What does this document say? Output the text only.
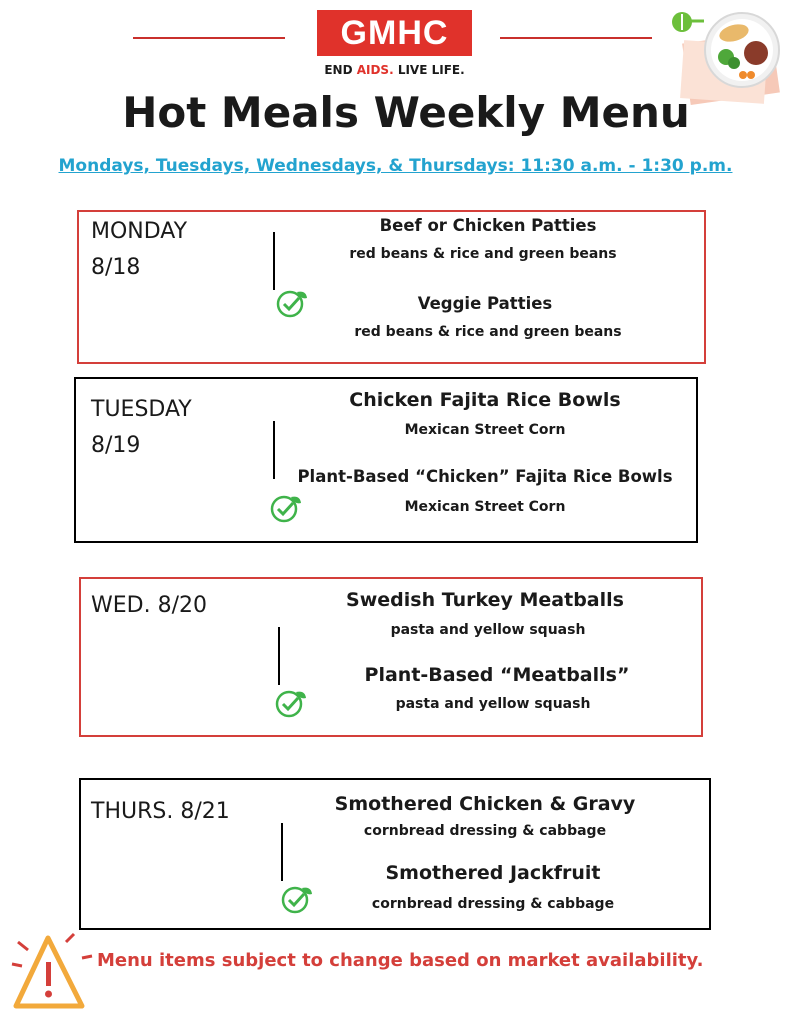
GMHC
END AIDS. LIVE LIFE.
Hot Meals Weekly Menu
Mondays, Tuesdays, Wednesdays, & Thursdays: 11:30 a.m. - 1:30 p.m.
MONDAY
8/18
Beef or Chicken Patties
red beans & rice and green beans
Veggie Patties
red beans & rice and green beans
TUESDAY
8/19
Chicken Fajita Rice Bowls
Mexican Street Corn
Plant-Based “Chicken” Fajita Rice Bowls
Mexican Street Corn
WED. 8/20	Swedish Turkey Meatballs
pasta and yellow squash
Plant-Based “Meatballs”
pasta and yellow squash
THURS. 8/21	Smothered Chicken & Gravy
cornbread dressing & cabbage
Smothered Jackfruit
cornbread dressing & cabbage
Menu items subject to change based on market availability.
